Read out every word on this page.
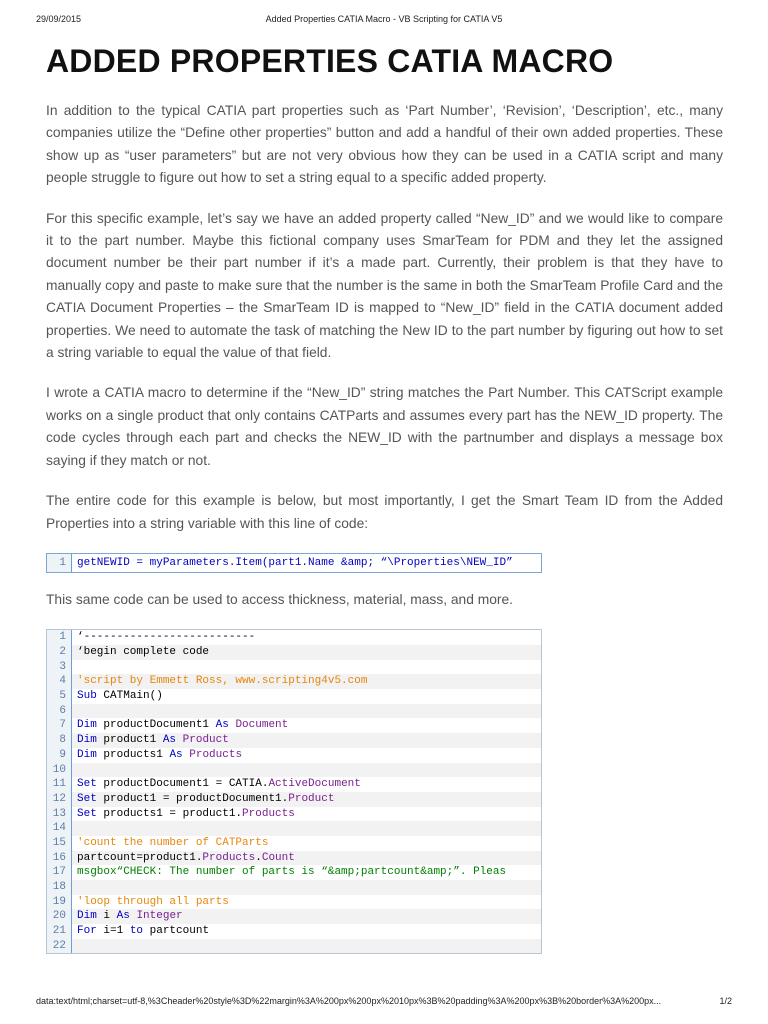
29/09/2015	Added Properties CATIA Macro - VB Scripting for CATIA V5
ADDED PROPERTIES CATIA MACRO

In addition to the typical CATIA part properties such as ‘Part Number’, ‘Revision’, ‘Description’, etc., many companies utilize the “Define other properties” button and add a handful of their own added properties. These show up as “user parameters” but are not very obvious how they can be used in a CATIA script and many people struggle to figure out how to set a string equal to a specific added property.

For this specific example, let’s say we have an added property called “New_ID” and we would like to compare it to the part number. Maybe this fictional company uses SmarTeam for PDM and they let the assigned document number be their part number if it’s a made part. Currently, their problem is that they have to manually copy and paste to make sure that the number is the same in both the SmarTeam Profile Card and the CATIA Document Properties – the SmarTeam ID is mapped to “New_ID” field in the CATIA document added properties. We need to automate the task of matching the New ID to the part number by figuring out how to set a string variable to equal the value of that field.

I wrote a CATIA macro to determine if the “New_ID” string matches the Part Number. This CATScript example works on a single product that only contains CATParts and assumes every part has the NEW_ID property. The code cycles through each part and checks the NEW_ID with the partnumber and displays a message box saying if they match or not.

The entire code for this example is below, but most importantly, I get the Smart Team ID from the Added Properties into a string variable with this line of code:

1	getNEWID = myParameters.Item(part1.Name &amp; “\Properties\NEW_ID”

This same code can be used to access thickness, material, mass, and more.

1	‘--------------------------
2	‘begin complete code
3
4	'script by Emmett Ross, www.scripting4v5.com
5	Sub CATMain()
6
7	Dim productDocument1 As Document
8	Dim product1 As Product
9	Dim products1 As Products
10
11	Set productDocument1 = CATIA.ActiveDocument
12	Set product1 = productDocument1.Product
13	Set products1 = product1.Products
14
15	'count the number of CATParts
16	partcount=product1.Products.Count
17	msgbox“CHECK: The number of parts is “&amp;partcount&amp;”. Pleas
18
19	'loop through all parts
20	Dim i As Integer
21	For i=1 to partcount
22
data:text/html;charset=utf-8,%3Cheader%20style%3D%22margin%3A%200px%200px%2010px%3B%20padding%3A%200px%3B%20border%3A%200px...	1/2
